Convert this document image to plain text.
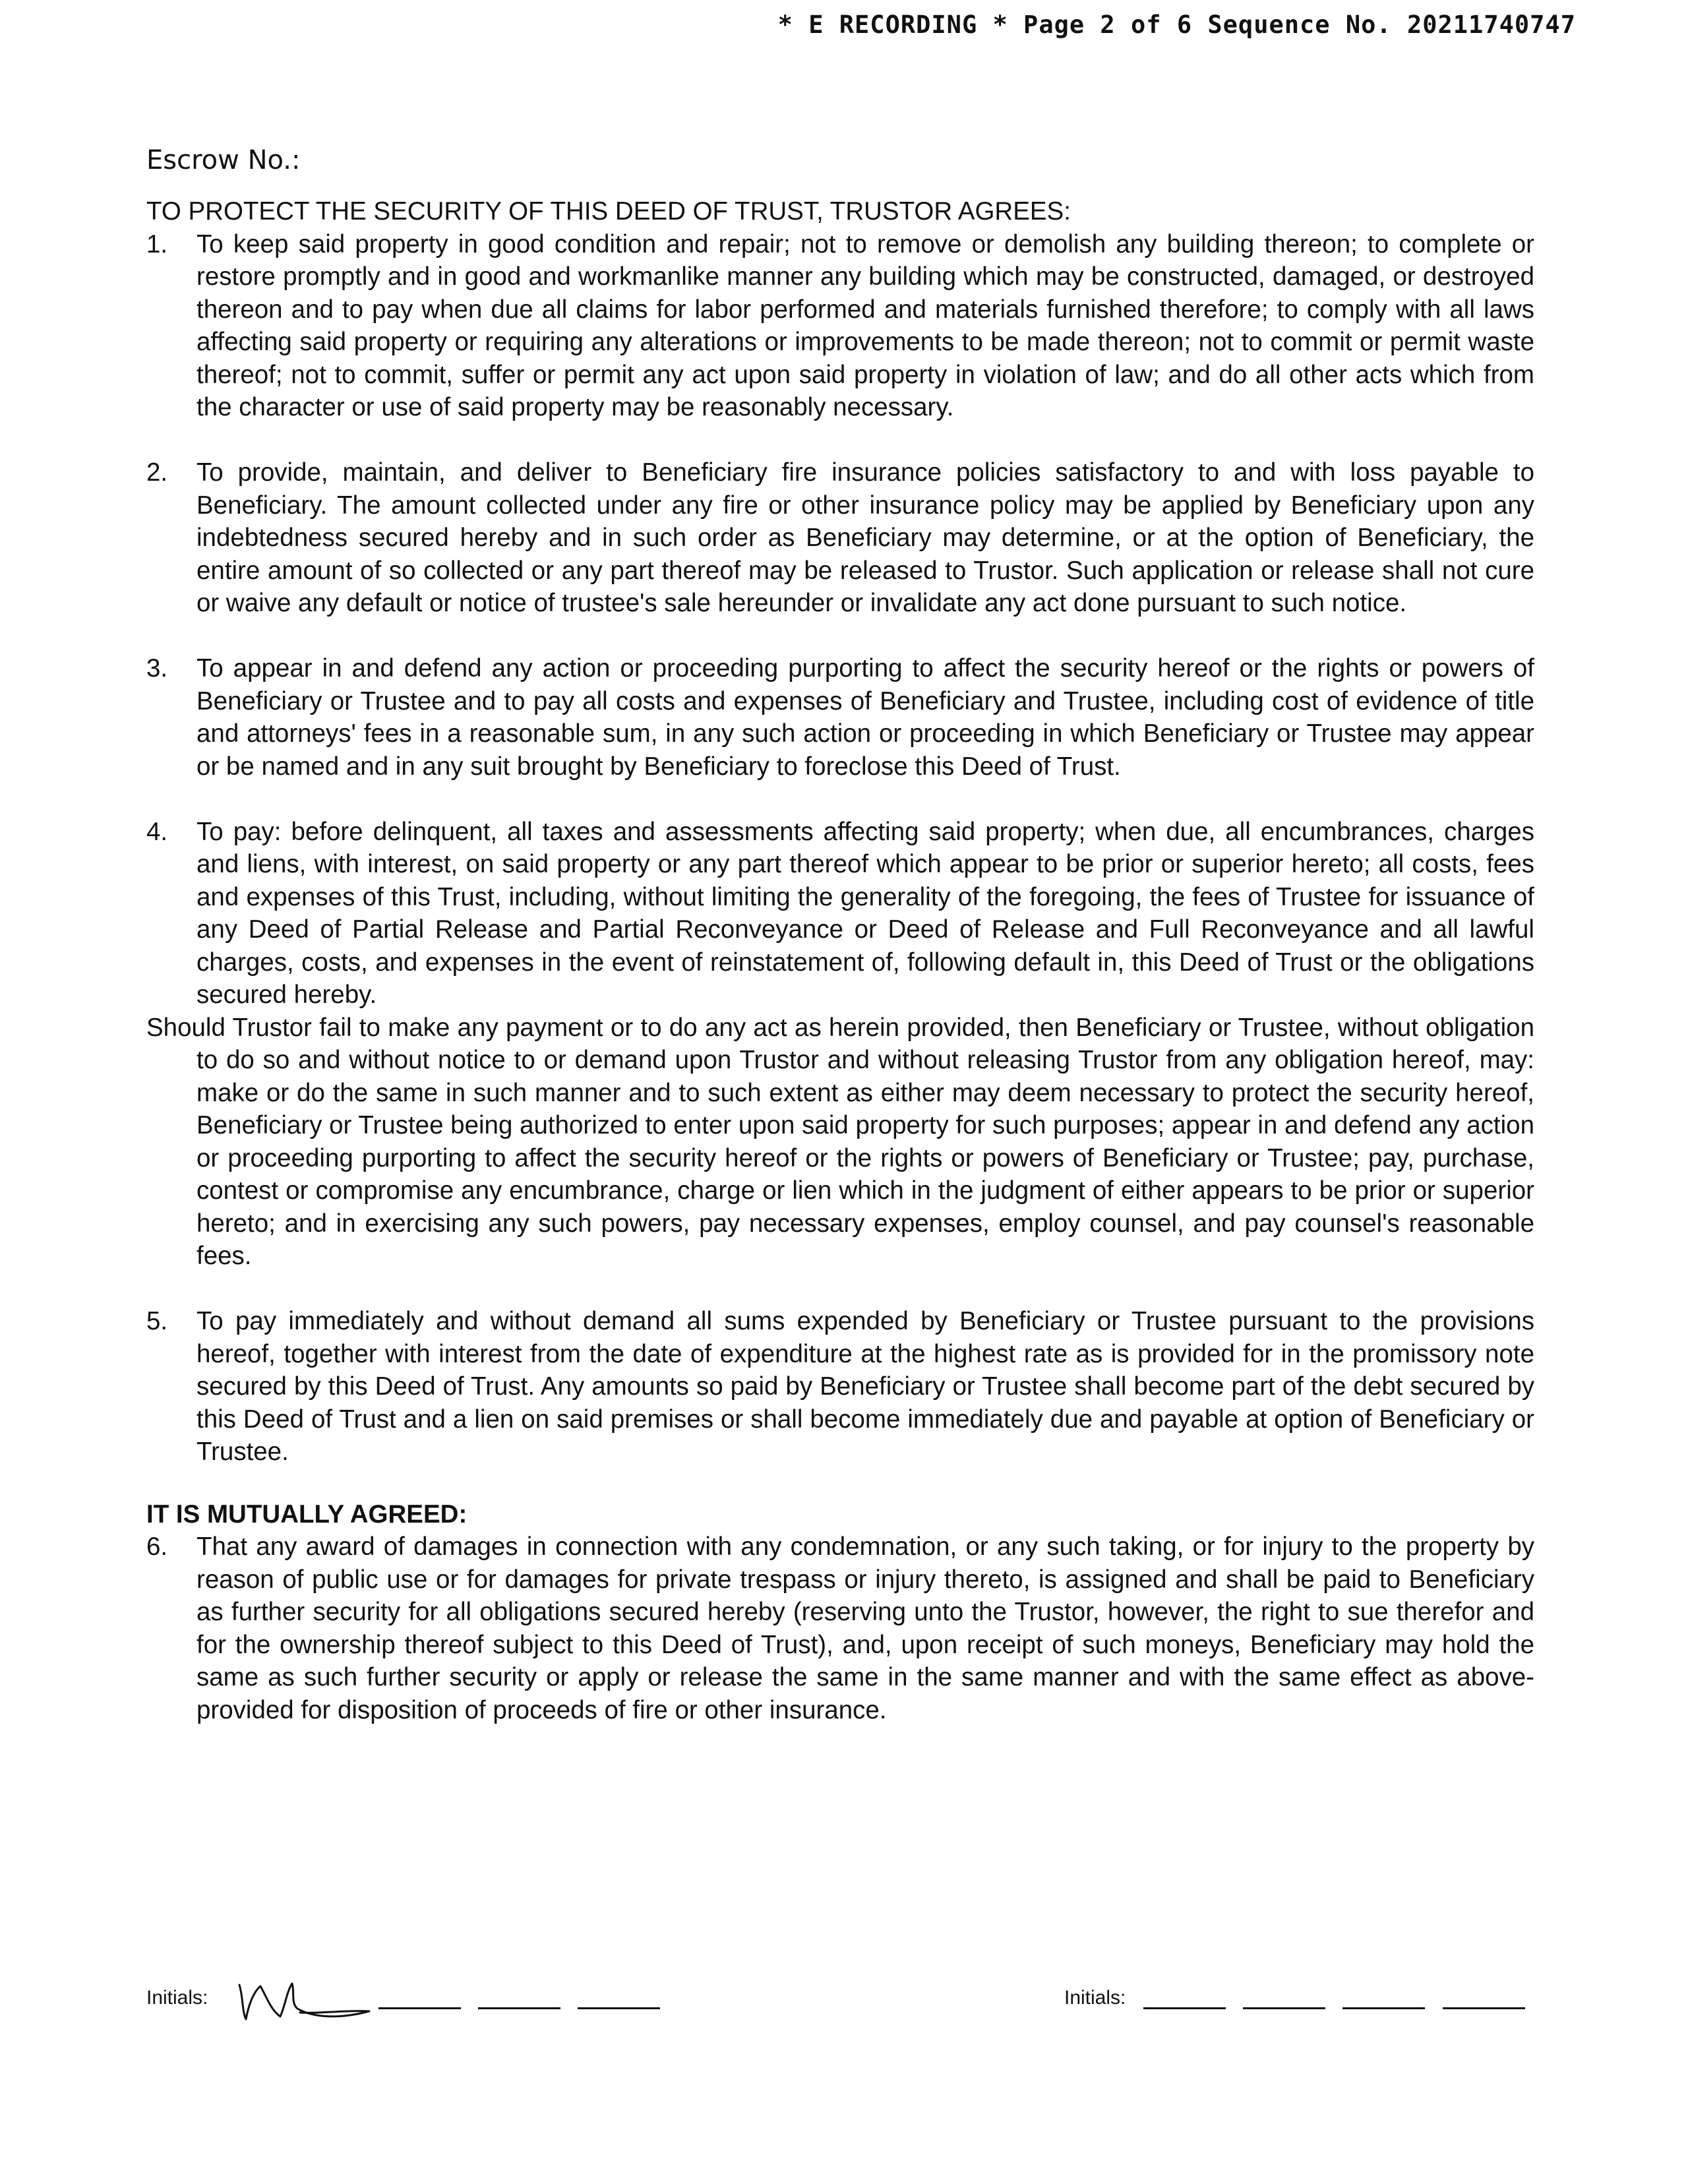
* E RECORDING * Page 2 of 6 Sequence No. 20211740747
Escrow No.:

TO PROTECT THE SECURITY OF THIS DEED OF TRUST, TRUSTOR AGREES:

1.	To keep said property in good condition and repair; not to remove or demolish any building thereon; to complete or restore promptly and in good and workmanlike manner any building which may be constructed, damaged, or destroyed thereon and to pay when due all claims for labor performed and materials furnished therefore; to comply with all laws affecting said property or requiring any alterations or improvements to be made thereon; not to commit or permit waste thereof; not to commit, suffer or permit any act upon said property in violation of law; and do all other acts which from the character or use of said property may be reasonably necessary.
2.	To provide, maintain, and deliver to Beneficiary fire insurance policies satisfactory to and with loss payable to Beneficiary. The amount collected under any fire or other insurance policy may be applied by Beneficiary upon any indebtedness secured hereby and in such order as Beneficiary may determine, or at the option of Beneficiary, the entire amount of so collected or any part thereof may be released to Trustor. Such application or release shall not cure or waive any default or notice of trustee's sale hereunder or invalidate any act done pursuant to such notice.
3.	To appear in and defend any action or proceeding purporting to affect the security hereof or the rights or powers of Beneficiary or Trustee and to pay all costs and expenses of Beneficiary and Trustee, including cost of evidence of title and attorneys' fees in a reasonable sum, in any such action or proceeding in which Beneficiary or Trustee may appear or be named and in any suit brought by Beneficiary to foreclose this Deed of Trust.
4.	To pay: before delinquent, all taxes and assessments affecting said property; when due, all encumbrances, charges and liens, with interest, on said property or any part thereof which appear to be prior or superior hereto; all costs, fees and expenses of this Trust, including, without limiting the generality of the foregoing, the fees of Trustee for issuance of any Deed of Partial Release and Partial Reconveyance or Deed of Release and Full Reconveyance and all lawful charges, costs, and expenses in the event of reinstatement of, following default in, this Deed of Trust or the obligations secured hereby.

Should Trustor fail to make any payment or to do any act as herein provided, then Beneficiary or Trustee, without obligation to do so and without notice to or demand upon Trustor and without releasing Trustor from any obligation hereof, may: make or do the same in such manner and to such extent as either may deem necessary to protect the security hereof, Beneficiary or Trustee being authorized to enter upon said property for such purposes; appear in and defend any action or proceeding purporting to affect the security hereof or the rights or powers of Beneficiary or Trustee; pay, purchase, contest or compromise any encumbrance, charge or lien which in the judgment of either appears to be prior or superior hereto; and in exercising any such powers, pay necessary expenses, employ counsel, and pay counsel's reasonable fees.

5.	To pay immediately and without demand all sums expended by Beneficiary or Trustee pursuant to the provisions hereof, together with interest from the date of expenditure at the highest rate as is provided for in the promissory note secured by this Deed of Trust. Any amounts so paid by Beneficiary or Trustee shall become part of the debt secured by this Deed of Trust and a lien on said premises or shall become immediately due and payable at option of Beneficiary or Trustee.
IT IS MUTUALLY AGREED:
6.	That any award of damages in connection with any condemnation, or any such taking, or for injury to the property by reason of public use or for damages for private trespass or injury thereto, is assigned and shall be paid to Beneficiary as further security for all obligations secured hereby (reserving unto the Trustor, however, the right to sue therefor and for the ownership thereof subject to this Deed of Trust), and, upon receipt of such moneys, Beneficiary may hold the same as such further security or apply or release the same in the same manner and with the same effect as above-provided for disposition of proceeds of fire or other insurance.
Initials:	Initials:
